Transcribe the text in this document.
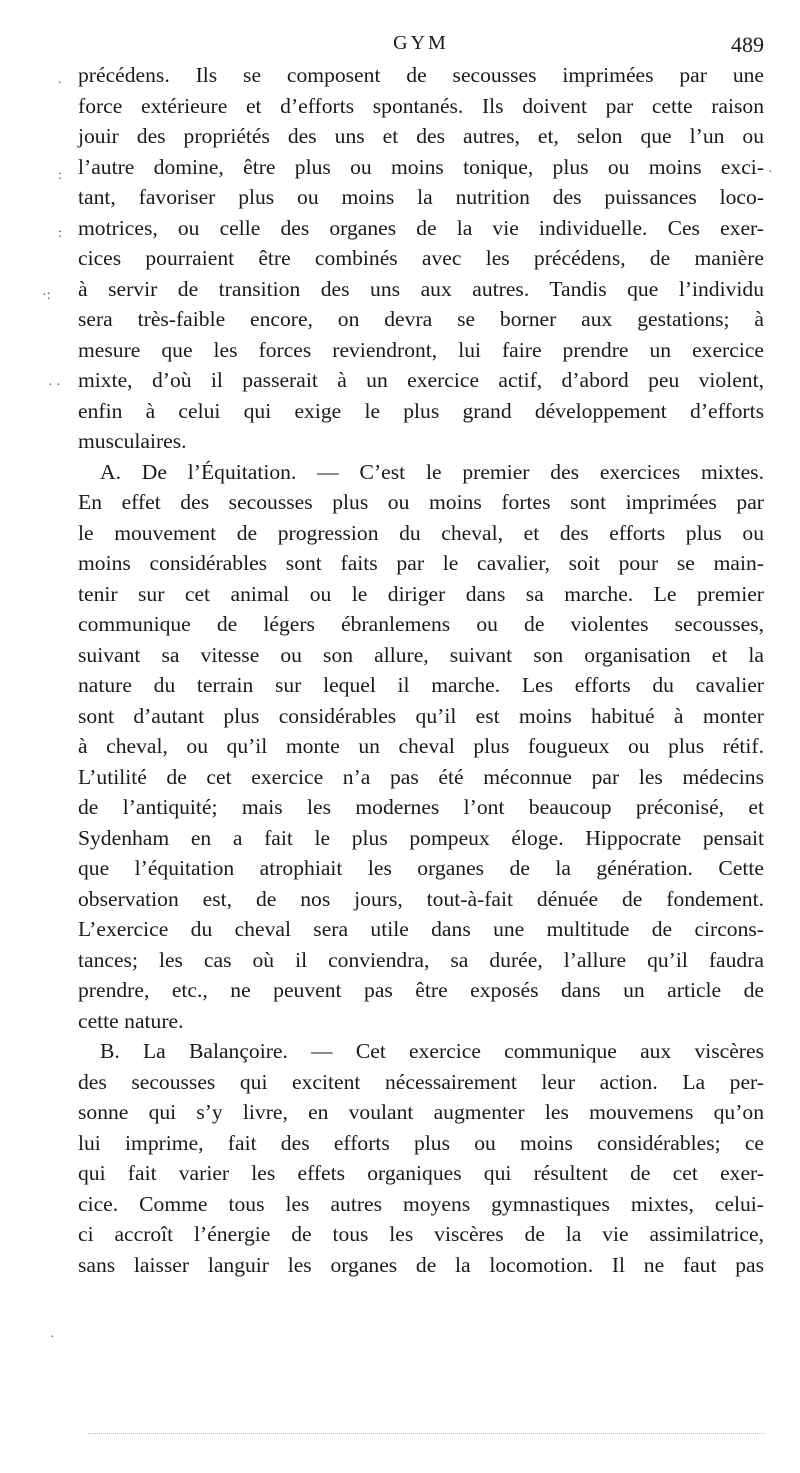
GYM	489
précédens. Ils se composent de secousses imprimées par une
force extérieure et d’efforts spontanés. Ils doivent par cette raison
jouir des propriétés des uns et des autres, et, selon que l’un ou
l’autre domine, être plus ou moins tonique, plus ou moins exci-
tant, favoriser plus ou moins la nutrition des puissances loco-
motrices, ou celle des organes de la vie individuelle. Ces exer-
cices pourraient être combinés avec les précédens, de manière
à servir de transition des uns aux autres. Tandis que l’individu
sera très-faible encore, on devra se borner aux gestations; à
mesure que les forces reviendront, lui faire prendre un exercice
mixte, d’où il passerait à un exercice actif, d’abord peu violent,
enfin à celui qui exige le plus grand développement d’efforts
musculaires.
A. De l’Équitation. — C’est le premier des exercices mixtes.
En effet des secousses plus ou moins fortes sont imprimées par
le mouvement de progression du cheval, et des efforts plus ou
moins considérables sont faits par le cavalier, soit pour se main-
tenir sur cet animal ou le diriger dans sa marche. Le premier
communique de légers ébranlemens ou de violentes secousses,
suivant sa vitesse ou son allure, suivant son organisation et la
nature du terrain sur lequel il marche. Les efforts du cavalier
sont d’autant plus considérables qu’il est moins habitué à monter
à cheval, ou qu’il monte un cheval plus fougueux ou plus rétif.
L’utilité de cet exercice n’a pas été méconnue par les médecins
de l’antiquité; mais les modernes l’ont beaucoup préconisé, et
Sydenham en a fait le plus pompeux éloge. Hippocrate pensait
que l’équitation atrophiait les organes de la génération. Cette
observation est, de nos jours, tout-à-fait dénuée de fondement.
L’exercice du cheval sera utile dans une multitude de circons-
tances; les cas où il conviendra, sa durée, l’allure qu’il faudra
prendre, etc., ne peuvent pas être exposés dans un article de
cette nature.
B. La Balançoire. — Cet exercice communique aux viscères
des secousses qui excitent nécessairement leur action. La per-
sonne qui s’y livre, en voulant augmenter les mouvemens qu’on
lui imprime, fait des efforts plus ou moins considérables; ce
qui fait varier les effets organiques qui résultent de cet exer-
cice. Comme tous les autres moyens gymnastiques mixtes, celui-
ci accroît l’énergie de tous les viscères de la vie assimilatrice,
sans laisser languir les organes de la locomotion. Il ne faut pas
.
:
:
·:
· ·
·
·
